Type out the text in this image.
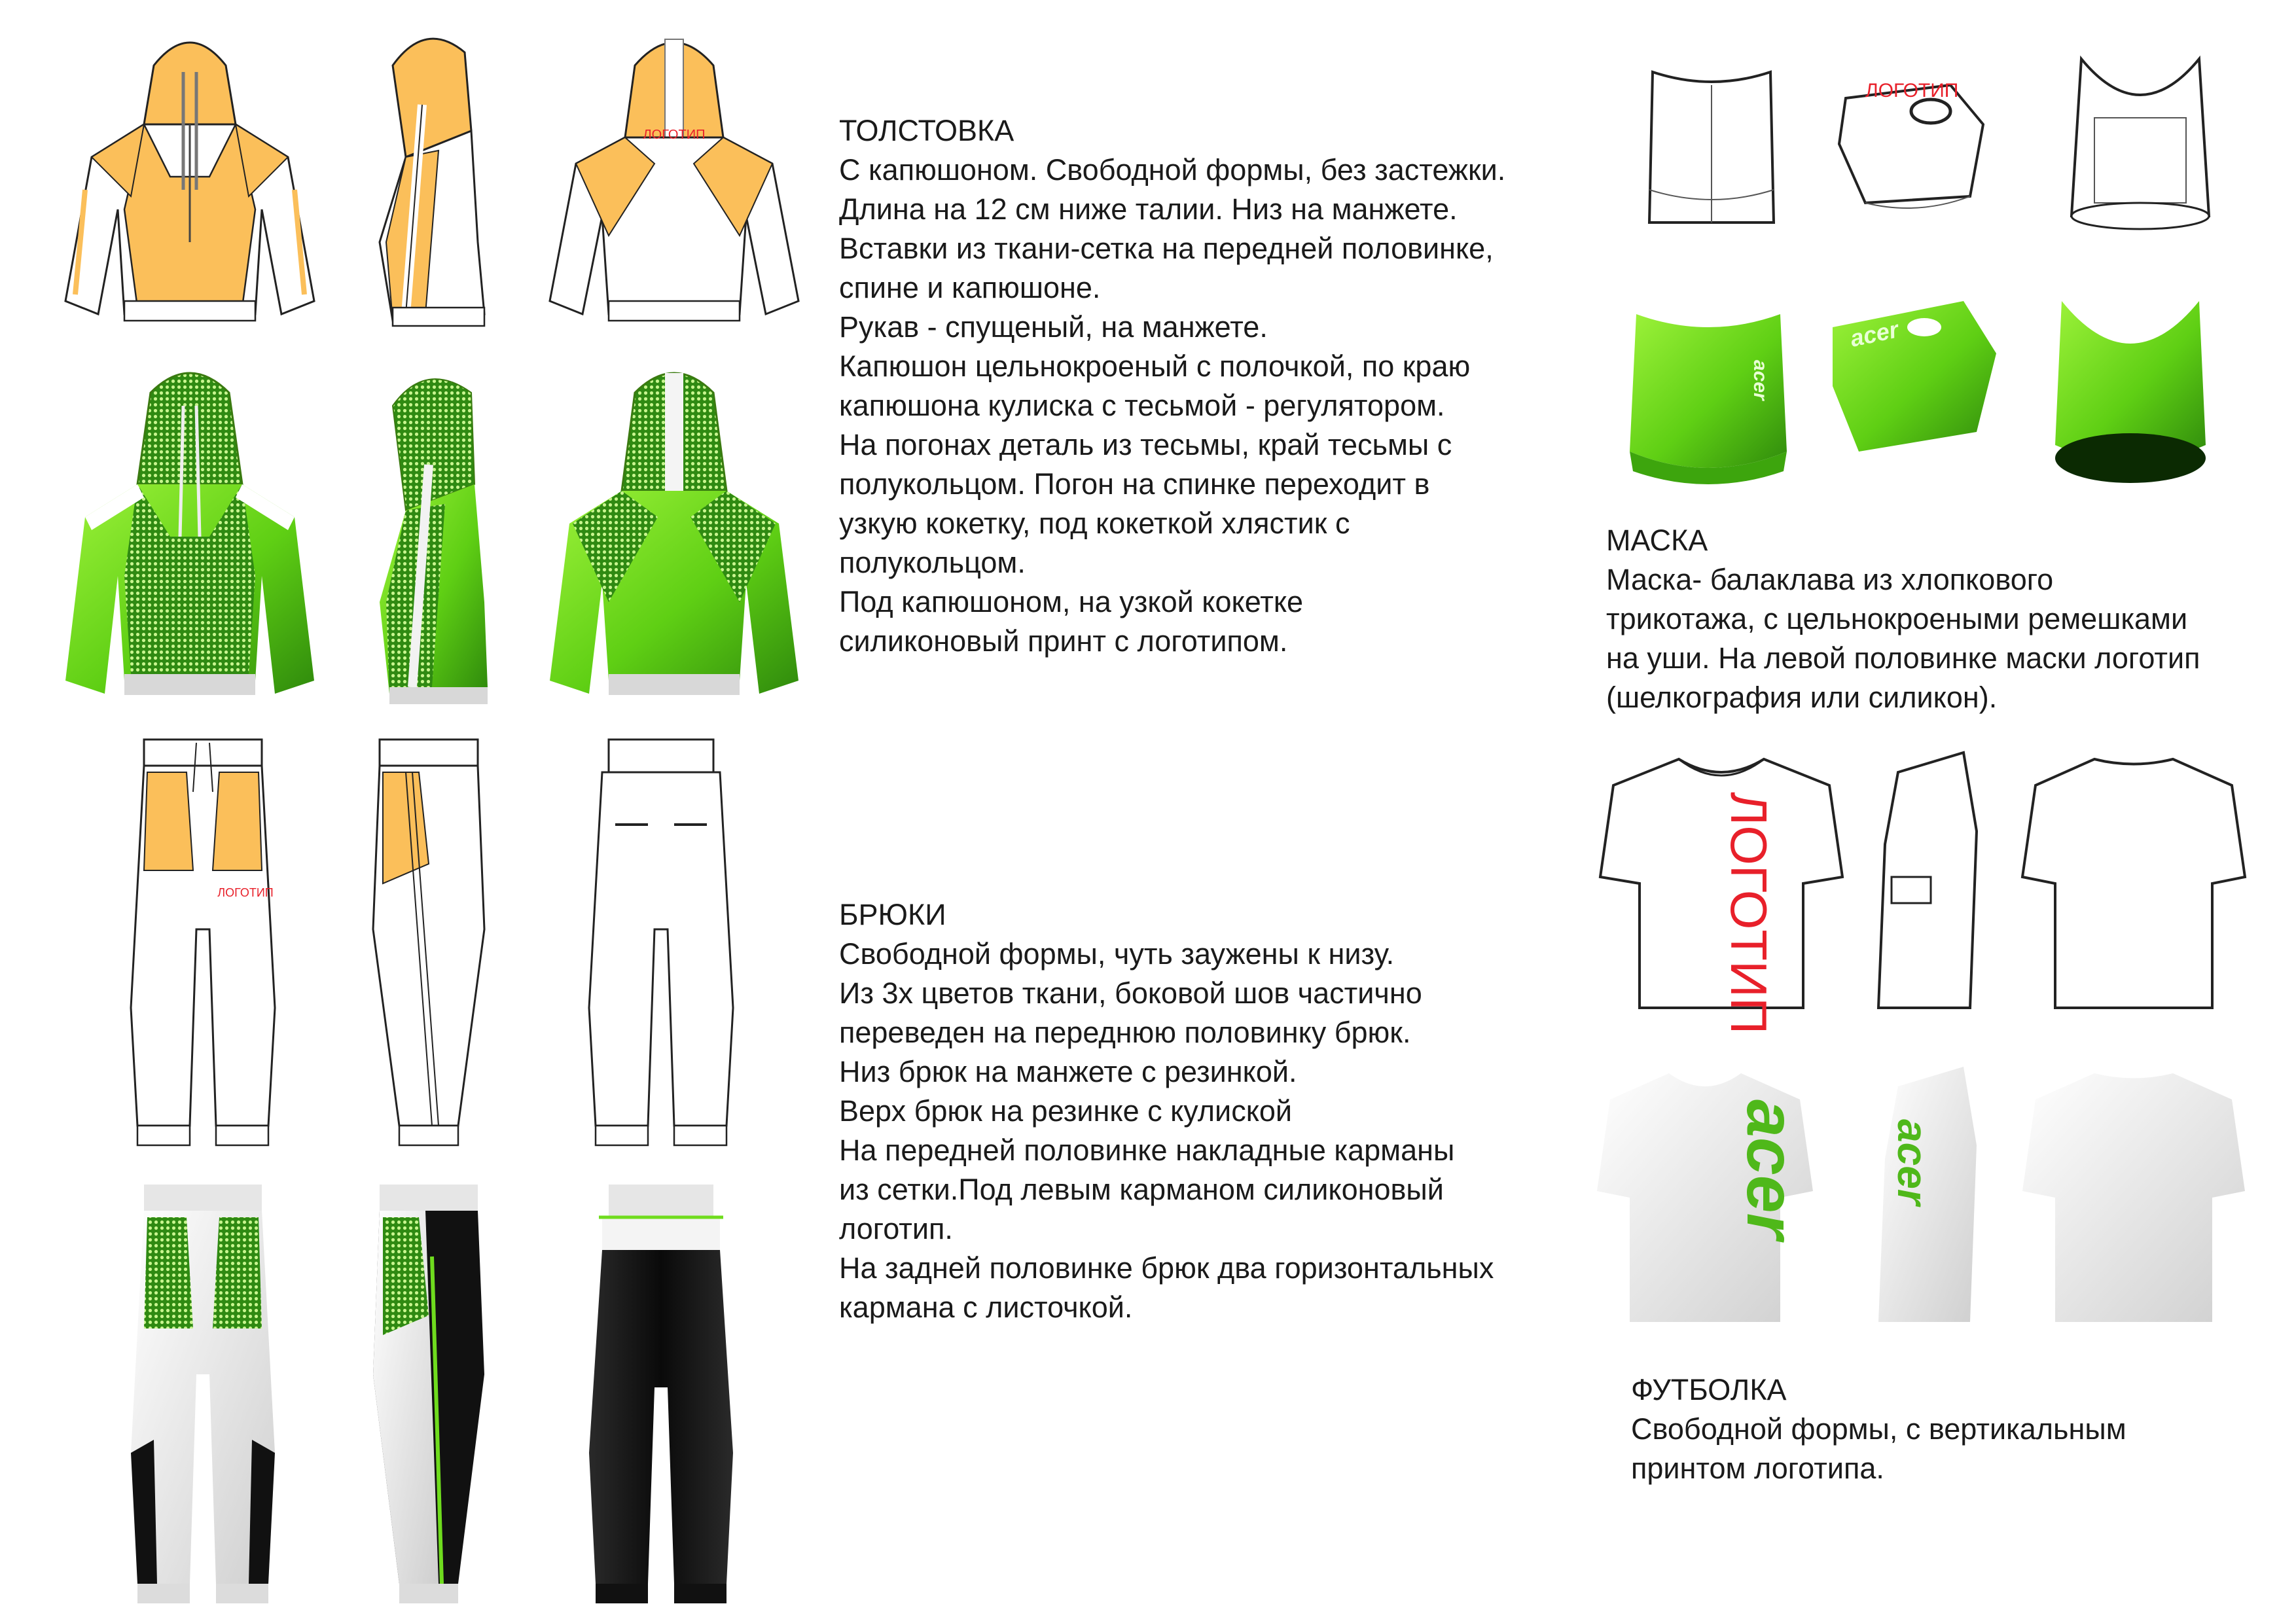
ЛОГОТИП
ЛОГОТИП
ТОЛСТОВКА
С капюшоном. Свободной формы, без застежки.
Длина на 12 см ниже талии. Низ на манжете.
Вставки из ткани-сетка на передней половинке,
спине и капюшоне.
Рукав - спущеный, на манжете.
Капюшон цельнокроеный с полочкой, по краю
капюшона кулиска с тесьмой - регулятором.
На погонах деталь из тесьмы, край тесьмы с
полукольцом. Погон на спинке переходит в
узкую кокетку, под кокеткой хлястик с
полукольцом.
Под капюшоном, на узкой кокетке
силиконовый принт с логотипом.
БРЮКИ
Свободной формы, чуть заужены к низу.
Из 3х цветов ткани, боковой шов частично
переведен на переднюю половинку брюк.
Низ брюк на манжете с резинкой.
Верх брюк на резинке с кулиской
На передней половинке накладные карманы
из сетки.Под левым карманом силиконовый
логотип.
На задней половинке брюк два горизонтальных
кармана с листочкой.
ЛОГОТИП
acer
acer
МАСКА
Маска- балаклава из хлопкового
трикотажа, с цельнокроеными ремешками
на уши. На левой половинке маски логотип
(шелкография или силикон).
ЛОГОТИП
acer acer
ФУТБОЛКА
Свободной формы, с вертикальным
принтом логотипа.
